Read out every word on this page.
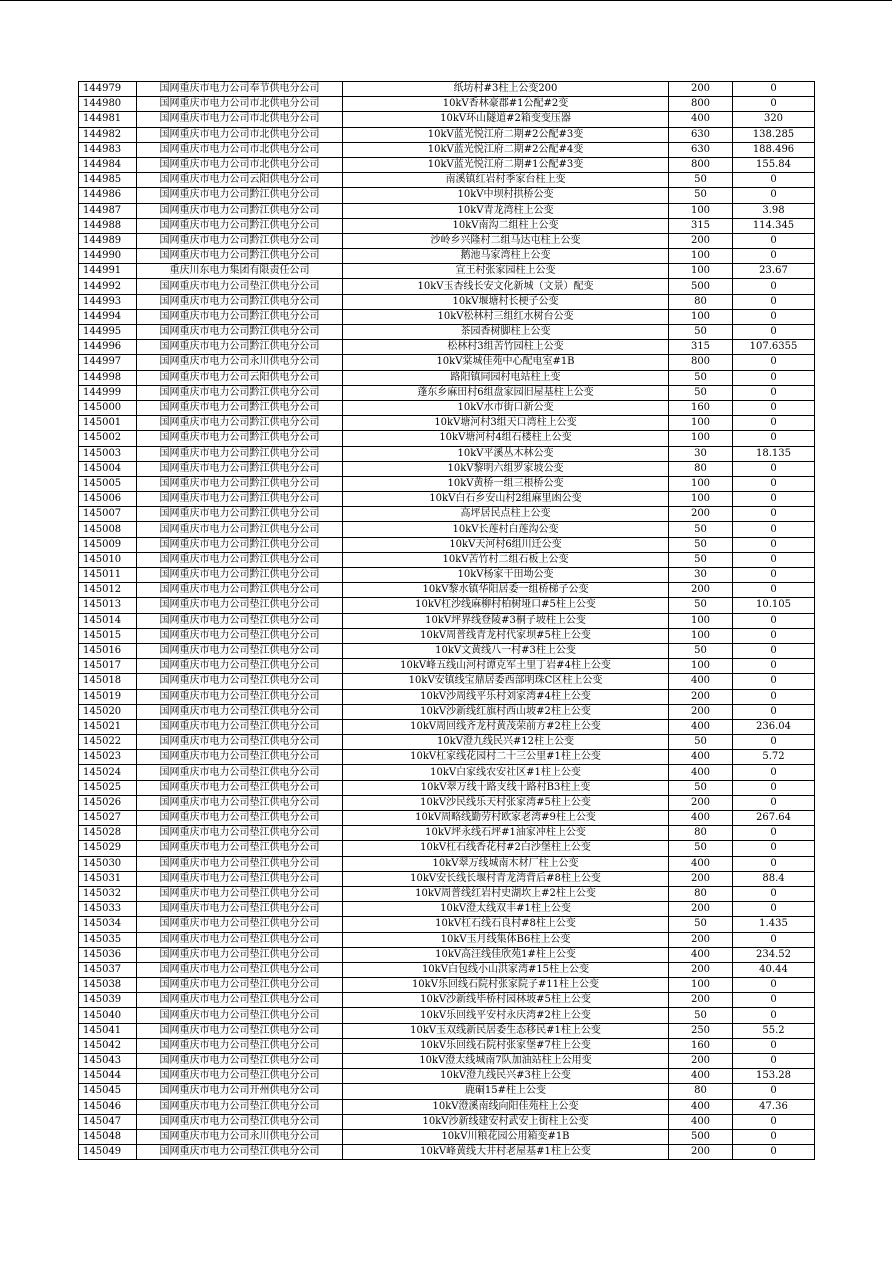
144979	国网重庆市电力公司奉节供电分公司	纸坊村#3柱上公变200	200	0
144980	国网重庆市电力公司市北供电分公司	10kV香林豪郡#1公配#2变	800	0
144981	国网重庆市电力公司市北供电分公司	10kV环山隧道#2箱变变压器	400	320
144982	国网重庆市电力公司市北供电分公司	10kV蓝光悦江府二期#2公配#3变	630	138.285
144983	国网重庆市电力公司市北供电分公司	10kV蓝光悦江府二期#2公配#4变	630	188.496
144984	国网重庆市电力公司市北供电分公司	10kV蓝光悦江府二期#1公配#3变	800	155.84
144985	国网重庆市电力公司云阳供电分公司	南溪镇红岩村季家台柱上变	50	0
144986	国网重庆市电力公司黔江供电分公司	10kV中坝村拱桥公变	50	0
144987	国网重庆市电力公司黔江供电分公司	10kV青龙湾柱上公变	100	3.98
144988	国网重庆市电力公司黔江供电分公司	10kV南沟二组柱上公变	315	114.345
144989	国网重庆市电力公司黔江供电分公司	沙岭乡兴隆村二组马达屯柱上公变	200	0
144990	国网重庆市电力公司黔江供电分公司	鹅池马家湾柱上公变	100	0
144991	重庆川东电力集团有限责任公司	宣王村张家园柱上公变	100	23.67
144992	国网重庆市电力公司垫江供电分公司	10kV玉杏线长安文化新城（文景）配变	500	0
144993	国网重庆市电力公司黔江供电分公司	10kV堰塘村长梗子公变	80	0
144994	国网重庆市电力公司黔江供电分公司	10kV松林村三组红水树台公变	100	0
144995	国网重庆市电力公司黔江供电分公司	茶园香树脚柱上公变	50	0
144996	国网重庆市电力公司黔江供电分公司	松林村3组苦竹园柱上公变	315	107.6355
144997	国网重庆市电力公司永川供电分公司	10kV棠城佳苑中心配电室#1B	800	0
144998	国网重庆市电力公司云阳供电分公司	路阳镇同园村电站柱上变	50	0
144999	国网重庆市电力公司黔江供电分公司	蓬东乡麻田村6组盘家园旧屋基柱上公变	50	0
145000	国网重庆市电力公司黔江供电分公司	10kV水市街口新公变	160	0
145001	国网重庆市电力公司黔江供电分公司	10kV塘河村3组天口湾柱上公变	100	0
145002	国网重庆市电力公司黔江供电分公司	10kV塘河村4组石楼柱上公变	100	0
145003	国网重庆市电力公司黔江供电分公司	10kV平溪丛木林公变	30	18.135
145004	国网重庆市电力公司黔江供电分公司	10kV黎明六组罗家坡公变	80	0
145005	国网重庆市电力公司黔江供电分公司	10kV黄桥一组三根桥公变	100	0
145006	国网重庆市电力公司黔江供电分公司	10kV白石乡安山村2组麻里凼公变	100	0
145007	国网重庆市电力公司黔江供电分公司	高坪居民点柱上公变	200	0
145008	国网重庆市电力公司黔江供电分公司	10kV长莲村白莲沟公变	50	0
145009	国网重庆市电力公司黔江供电分公司	10kV天河村6组川迁公变	50	0
145010	国网重庆市电力公司黔江供电分公司	10kV苦竹村二组石板上公变	50	0
145011	国网重庆市电力公司黔江供电分公司	10kV杨家干田坳公变	30	0
145012	国网重庆市电力公司黔江供电分公司	10kV黎水镇华阳居委一组桥梯子公变	200	0
145013	国网重庆市电力公司垫江供电分公司	10kV杠沙线麻柳村柏树垭口#5柱上公变	50	10.105
145014	国网重庆市电力公司垫江供电分公司	10kV坪界线登陵#3桐子坡柱上公变	100	0
145015	国网重庆市电力公司垫江供电分公司	10kV周普线青龙村代家坝#5柱上公变	100	0
145016	国网重庆市电力公司垫江供电分公司	10kV文黄线八一村#3柱上公变	50	0
145017	国网重庆市电力公司垫江供电分公司	10kV峰五线山河村谭克军土里丁岩#4柱上公变	100	0
145018	国网重庆市电力公司垫江供电分公司	10kV安镇线宝鼎居委西部明珠C区柱上公变	400	0
145019	国网重庆市电力公司垫江供电分公司	10kV沙周线平乐村刘家湾#4柱上公变	200	0
145020	国网重庆市电力公司垫江供电分公司	10kV沙新线红旗村西山坡#2柱上公变	200	0
145021	国网重庆市电力公司垫江供电分公司	10kV周回线齐龙村黄茂荣前方#2柱上公变	400	236.04
145022	国网重庆市电力公司垫江供电分公司	10kV澄九线民兴#12柱上公变	50	0
145023	国网重庆市电力公司垫江供电分公司	10kV杠家线花园村二十三公里#1柱上公变	400	5.72
145024	国网重庆市电力公司垫江供电分公司	10kV白家线农安社区#1柱上公变	400	0
145025	国网重庆市电力公司垫江供电分公司	10kV翠万线十路支线十路村B3柱上变	50	0
145026	国网重庆市电力公司垫江供电分公司	10kV沙民线乐天村张家湾#5柱上公变	200	0
145027	国网重庆市电力公司垫江供电分公司	10kV周略线勤劳村欧家老湾#9柱上公变	400	267.64
145028	国网重庆市电力公司垫江供电分公司	10kV坪永线石坪#1油家冲柱上公变	80	0
145029	国网重庆市电力公司垫江供电分公司	10kV杠石线香花村#2白沙堡柱上公变	50	0
145030	国网重庆市电力公司垫江供电分公司	10kV翠万线城南木材厂柱上公变	400	0
145031	国网重庆市电力公司垫江供电分公司	10kV安长线长堰村青龙湾背后#8柱上公变	200	88.4
145032	国网重庆市电力公司垫江供电分公司	10kV周普线红岩村史湖坎上#2柱上公变	80	0
145033	国网重庆市电力公司垫江供电分公司	10kV澄太线双丰#1柱上公变	200	0
145034	国网重庆市电力公司垫江供电分公司	10kV杠石线石良村#8柱上公变	50	1.435
145035	国网重庆市电力公司垫江供电分公司	10kV玉月线集体B6柱上公变	200	0
145036	国网重庆市电力公司垫江供电分公司	10kV高汪线佳欣苑1#柱上公变	400	234.52
145037	国网重庆市电力公司垫江供电分公司	10kV白包线小山洪家湾#15柱上公变	200	40.44
145038	国网重庆市电力公司垫江供电分公司	10kV乐回线石院村张家院子#11柱上公变	100	0
145039	国网重庆市电力公司垫江供电分公司	10kV沙新线毕桥村园林坡#5柱上公变	200	0
145040	国网重庆市电力公司垫江供电分公司	10kV乐回线平安村永庆湾#2柱上公变	50	0
145041	国网重庆市电力公司垫江供电分公司	10kV玉双线新民居委生态移民#1柱上公变	250	55.2
145042	国网重庆市电力公司垫江供电分公司	10kV乐回线石院村张家堡#7柱上公变	160	0
145043	国网重庆市电力公司垫江供电分公司	10kV澄太线城南7队加油站柱上公用变	200	0
145044	国网重庆市电力公司垫江供电分公司	10kV澄九线民兴#3柱上公变	400	153.28
145045	国网重庆市电力公司开州供电分公司	鹿硐15#柱上公变	80	0
145046	国网重庆市电力公司垫江供电分公司	10kV澄溪南线向阳佳苑柱上公变	400	47.36
145047	国网重庆市电力公司垫江供电分公司	10kV沙新线建安村武安上街柱上公变	400	0
145048	国网重庆市电力公司永川供电分公司	10kV川粮花园公用箱变#1B	500	0
145049	国网重庆市电力公司垫江供电分公司	10kV峰黄线大井村老屋基#1柱上公变	200	0
